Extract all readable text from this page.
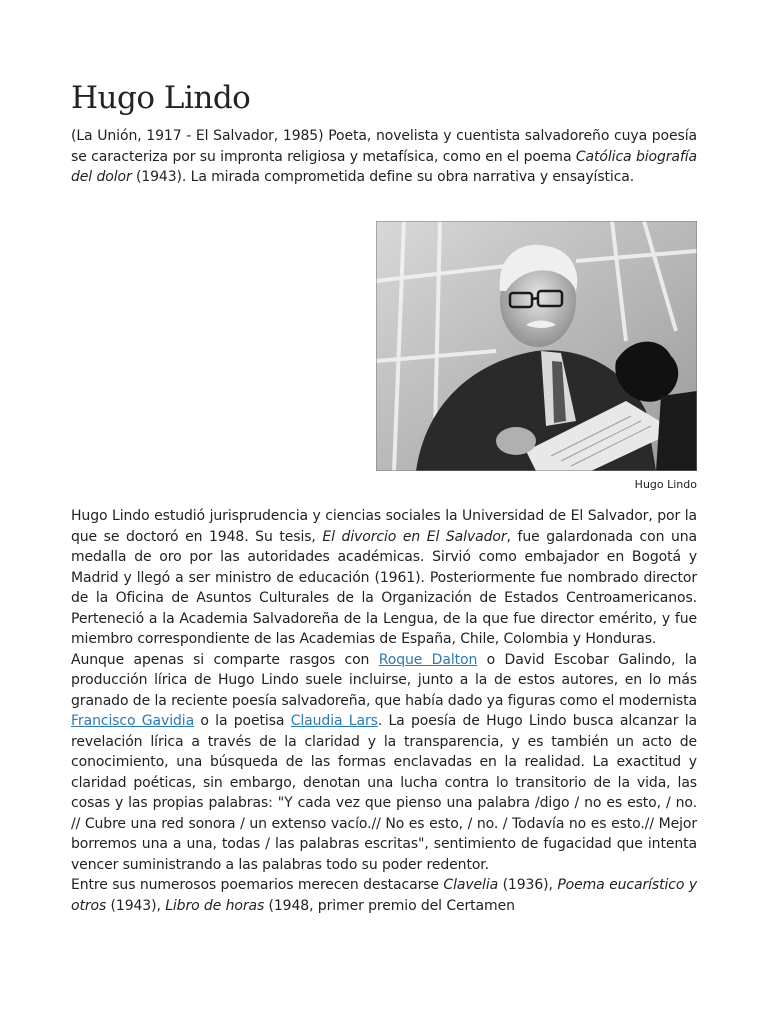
Hugo Lindo

(La Unión, 1917 - El Salvador, 1985) Poeta, novelista y cuentista salvadoreño cuya poesía se caracteriza por su impronta religiosa y metafísica, como en el poema Católica biografía del dolor (1943). La mirada comprometida define su obra narrativa y ensayística.

Hugo Lindo

Hugo Lindo estudió jurisprudencia y ciencias sociales la Universidad de El Salvador, por la que se doctoró en 1948. Su tesis, El divorcio en El Salvador, fue galardonada con una medalla de oro por las autoridades académicas. Sirvió como embajador en Bogotá y Madrid y llegó a ser ministro de educación (1961). Posteriormente fue nombrado director de la Oficina de Asuntos Culturales de la Organización de Estados Centroamericanos. Perteneció a la Academia Salvadoreña de la Lengua, de la que fue director emérito, y fue miembro correspondiente de las Academias de España, Chile, Colombia y Honduras.

Aunque apenas si comparte rasgos con Roque Dalton o David Escobar Galindo, la producción lírica de Hugo Lindo suele incluirse, junto a la de estos autores, en lo más granado de la reciente poesía salvadoreña, que había dado ya figuras como el modernista Francisco Gavidia o la poetisa Claudia Lars. La poesía de Hugo Lindo busca alcanzar la revelación lírica a través de la claridad y la transparencia, y es también un acto de conocimiento, una búsqueda de las formas enclavadas en la realidad. La exactitud y claridad poéticas, sin embargo, denotan una lucha contra lo transitorio de la vida, las cosas y las propias palabras: "Y cada vez que pienso una palabra /digo / no es esto, / no. // Cubre una red sonora / un extenso vacío.// No es esto, / no. / Todavía no es esto.// Mejor borremos una a una, todas / las palabras escritas", sentimiento de fugacidad que intenta vencer suministrando a las palabras todo su poder redentor.

Entre sus numerosos poemarios merecen destacarse Clavelia (1936), Poema eucarístico y otros (1943), Libro de horas (1948, primer premio del Certamen
